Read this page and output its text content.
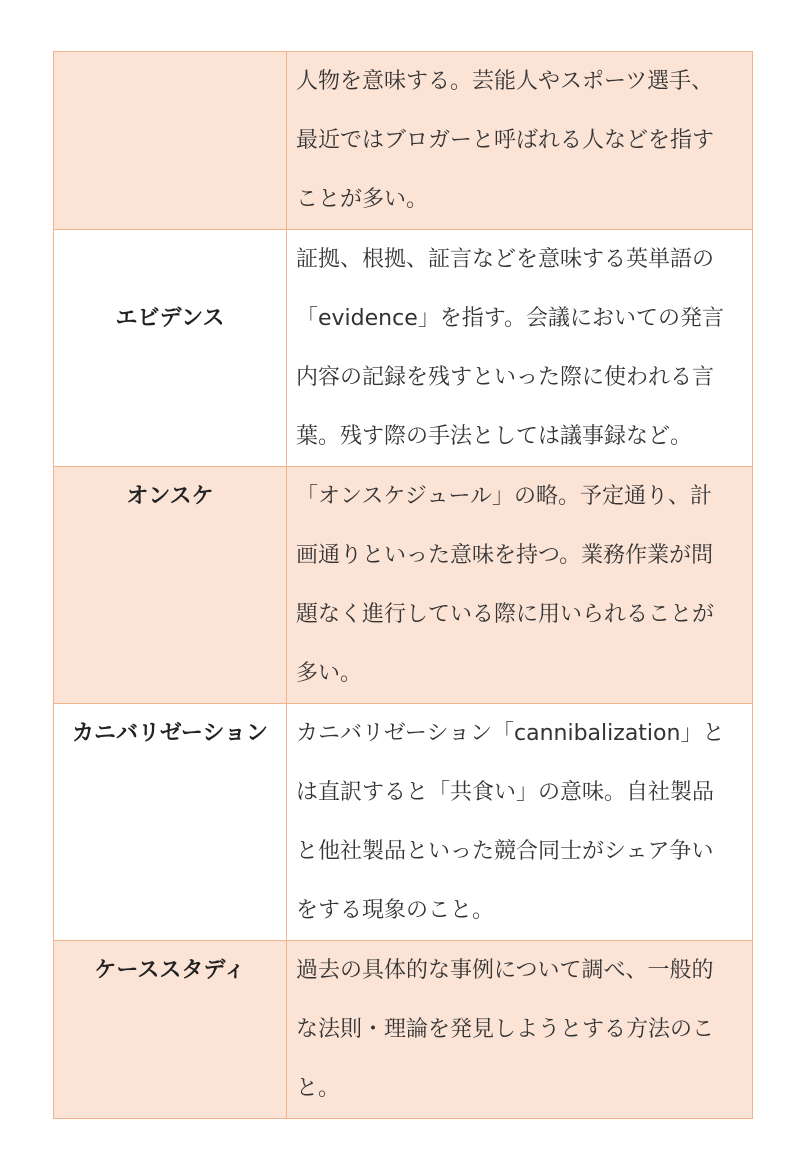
	人物を意味する。芸能人やスポーツ選手、
最近ではブロガーと呼ばれる人などを指す
ことが多い。

エビデンス	証拠、根拠、証言などを意味する英単語の
「evidence」を指す。会議においての発言
内容の記録を残すといった際に使われる言
葉。残す際の手法としては議事録など。

オンスケ	「オンスケジュール」の略。予定通り、計
画通りといった意味を持つ。業務作業が問
題なく進行している際に用いられることが
多い。

カニバリゼーション	カニバリゼーション「cannibalization」と
は直訳すると「共食い」の意味。自社製品
と他社製品といった競合同士がシェア争い
をする現象のこと。

ケーススタディ	過去の具体的な事例について調べ、一般的
な法則・理論を発見しようとする方法のこ
と。
